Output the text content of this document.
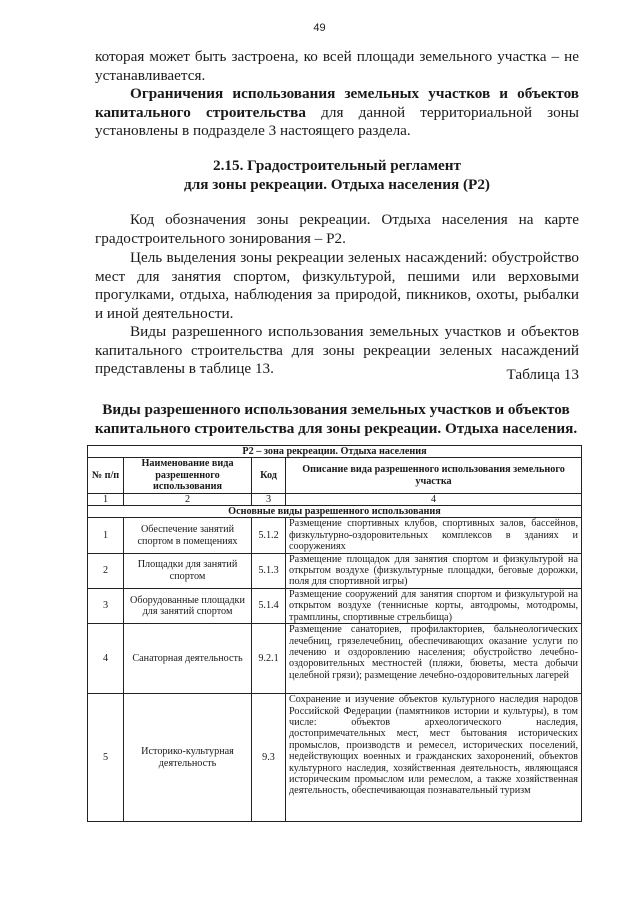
49

которая может быть застроена, ко всей площади земельного участка – не устанавливается.

Ограничения использования земельных участков и объектов капитального строительства для данной территориальной зоны установлены в подразделе 3 настоящего раздела.

2.15. Градостроительный регламент
для зоны рекреации. Отдыха населения (Р2)

Код обозначения зоны рекреации. Отдыха населения на карте градостроительного зонирования – Р2.

Цель выделения зоны рекреации зеленых насаждений: обустройство мест для занятия спортом, физкультурой, пешими или верховыми прогулками, отдыха, наблюдения за природой, пикников, охоты, рыбалки и иной деятельности.

Виды разрешенного использования земельных участков и объектов капитального строительства для зоны рекреации зеленых насаждений представлены в таблице 13.	Таблица 13

Виды разрешенного использования земельных участков и объектов
капитального строительства для зоны рекреации. Отдыха населения.

Р2 – зона рекреации. Отдыха населения			
№ п/п	Наименование вида разрешенного использования	Код	Описание вида разрешенного использования земельного участка
1	2	3	4
Основные виды разрешенного использования			
1	Обеспечение занятий спортом в помещениях	5.1.2	Размещение спортивных клубов, спортивных залов, бассейнов, физкультурно-оздоровительных комплексов в зданиях и сооружениях
2	Площадки для занятий спортом	5.1.3	Размещение площадок для занятия спортом и физкультурой на открытом воздухе (физкультурные площадки, беговые дорожки, поля для спортивной игры)
3	Оборудованные площадки для занятий спортом	5.1.4	Размещение сооружений для занятия спортом и физкультурой на открытом воздухе (теннисные корты, автодромы, мотодромы, трамплины, спортивные стрельбища)
4	Санаторная деятельность	9.2.1	Размещение санаториев, профилакториев, бальнеологических лечебниц, грязелечебниц, обеспечивающих оказание услуги по лечению и оздоровлению населения; обустройство лечебно-оздоровительных местностей (пляжи, бюветы, места добычи целебной грязи); размещение лечебно-оздоровительных лагерей
5	Историко-культурная деятельность	9.3	Сохранение и изучение объектов культурного наследия народов Российской Федерации (памятников истории и культуры), в том числе: объектов археологического наследия, достопримечательных мест, мест бытования исторических промыслов, производств и ремесел, исторических поселений, недействующих военных и гражданских захоронений, объектов культурного наследия, хозяйственная деятельность, являющаяся историческим промыслом или ремеслом, а также хозяйственная деятельность, обеспечивающая познавательный туризм
